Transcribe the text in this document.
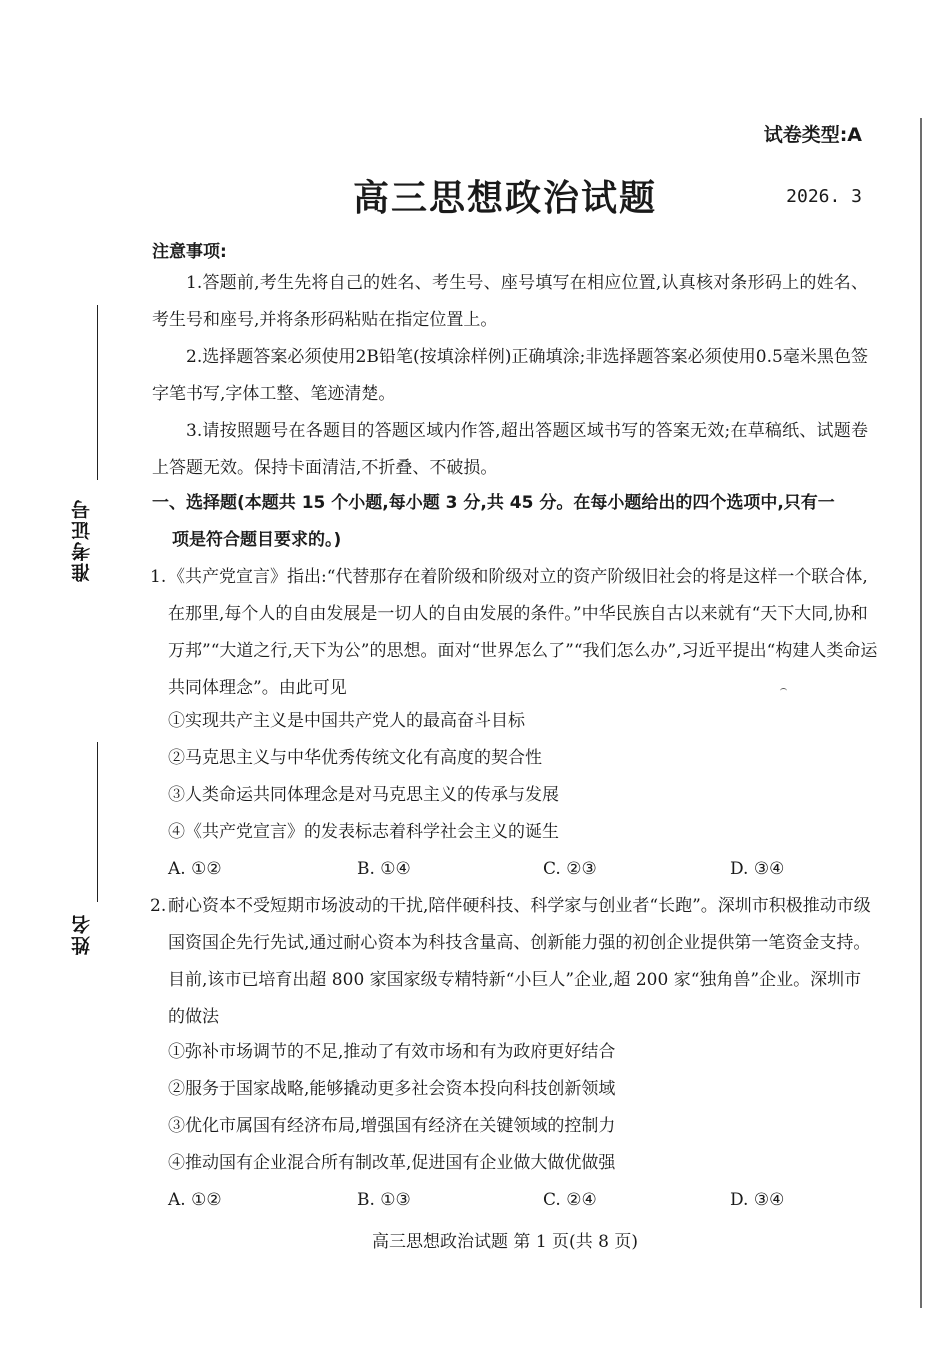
准考证号
姓名
试卷类型:A
高三思想政治试题	2026. 3
注意事项:
1.答题前,考生先将自己的姓名、考生号、座号填写在相应位置,认真核对条形码上的姓名、考生号和座号,并将条形码粘贴在指定位置上。
2.选择题答案必须使用2B铅笔(按填涂样例)正确填涂;非选择题答案必须使用0.5毫米黑色签字笔书写,字体工整、笔迹清楚。
3.请按照题号在各题目的答题区域内作答,超出答题区域书写的答案无效;在草稿纸、试题卷上答题无效。保持卡面清洁,不折叠、不破损。
一、选择题(本题共 15 个小题,每小题 3 分,共 45 分。在每小题给出的四个选项中,只有一
项是符合题目要求的。)
1. 《共产党宣言》指出:“代替那存在着阶级和阶级对立的资产阶级旧社会的将是这样一个联合体,在那里,每个人的自由发展是一切人的自由发展的条件。”中华民族自古以来就有“天下大同,协和万邦”“大道之行,天下为公”的思想。面对“世界怎么了”“我们怎么办”,习近平提出“构建人类命运共同体理念”。由此可见
①实现共产主义是中国共产党人的最高奋斗目标
②马克思主义与中华优秀传统文化有高度的契合性
③人类命运共同体理念是对马克思主义的传承与发展
④《共产党宣言》的发表标志着科学社会主义的诞生
A. ①②	B. ①④	C. ②③	D. ③④
2. 耐心资本不受短期市场波动的干扰,陪伴硬科技、科学家与创业者“长跑”。深圳市积极推动市级国资国企先行先试,通过耐心资本为科技含量高、创新能力强的初创企业提供第一笔资金支持。目前,该市已培育出超 800 家国家级专精特新“小巨人”企业,超 200 家“独角兽”企业。深圳市的做法
①弥补市场调节的不足,推动了有效市场和有为政府更好结合
②服务于国家战略,能够撬动更多社会资本投向科技创新领域
③优化市属国有经济布局,增强国有经济在关键领域的控制力
④推动国有企业混合所有制改革,促进国有企业做大做优做强
A. ①②	B. ①③	C. ②④	D. ③④
高三思想政治试题 第 1 页(共 8 页)
